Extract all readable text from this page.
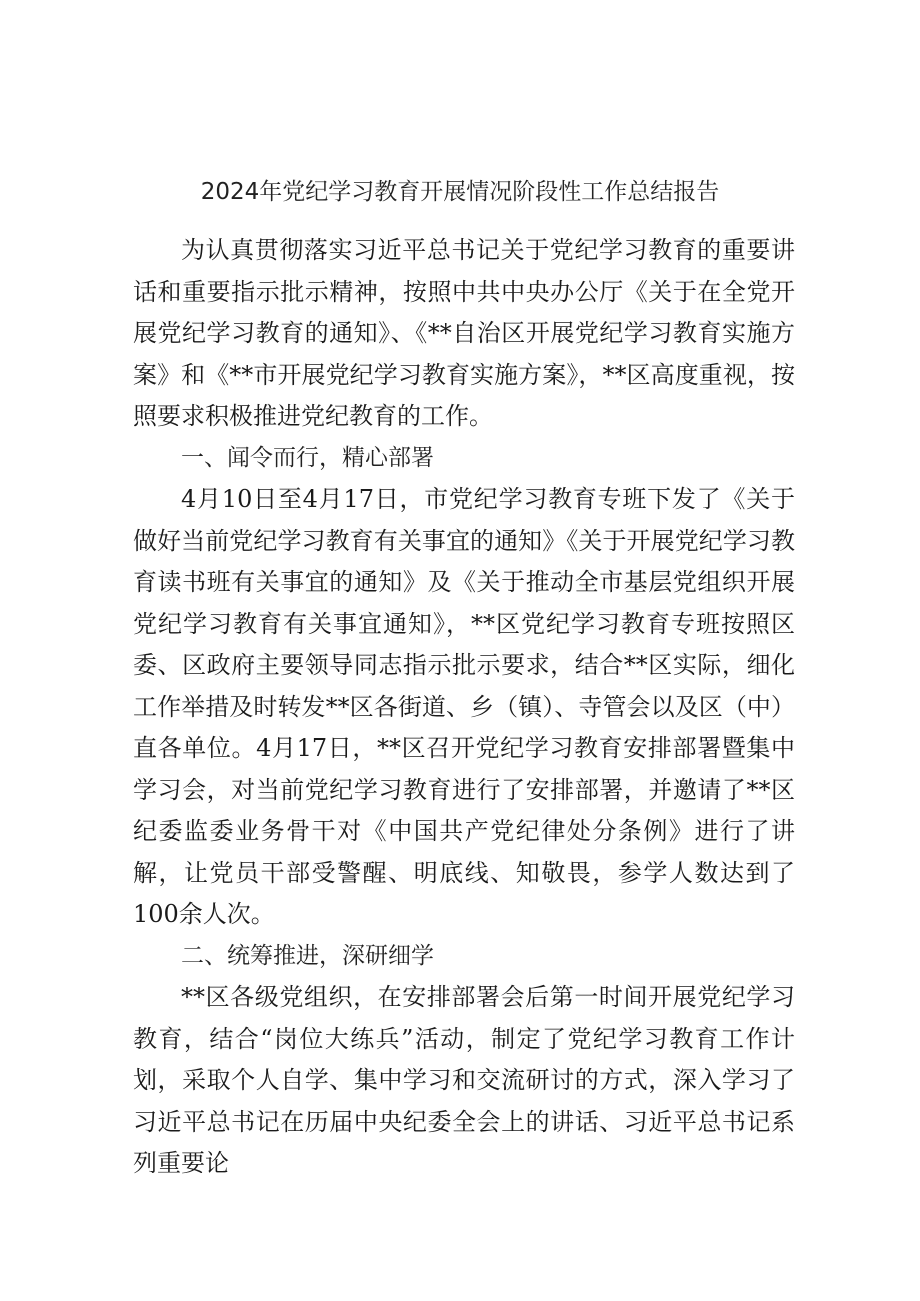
2024年党纪学习教育开展情况阶段性工作总结报告

为认真贯彻落实习近平总书记关于党纪学习教育的重要讲话和重要指示批示精神，按照中共中央办公厅《关于在全党开展党纪学习教育的通知》、《**自治区开展党纪学习教育实施方案》和《**市开展党纪学习教育实施方案》，**区高度重视，按照要求积极推进党纪教育的工作。

一、闻令而行，精心部署

4月10日至4月17日，市党纪学习教育专班下发了《关于做好当前党纪学习教育有关事宜的通知》《关于开展党纪学习教育读书班有关事宜的通知》及《关于推动全市基层党组织开展党纪学习教育有关事宜通知》，**区党纪学习教育专班按照区委、区政府主要领导同志指示批示要求，结合**区实际，细化工作举措及时转发**区各街道、乡（镇）、寺管会以及区（中）直各单位。4月17日，**区召开党纪学习教育安排部署暨集中学习会，对当前党纪学习教育进行了安排部署，并邀请了**区纪委监委业务骨干对《中国共产党纪律处分条例》进行了讲解，让党员干部受警醒、明底线、知敬畏，参学人数达到了100余人次。

二、统筹推进，深研细学

**区各级党组织，在安排部署会后第一时间开展党纪学习教育，结合“岗位大练兵”活动，制定了党纪学习教育工作计划，采取个人自学、集中学习和交流研讨的方式，深入学习了习近平总书记在历届中央纪委全会上的讲话、习近平总书记系列重要论
